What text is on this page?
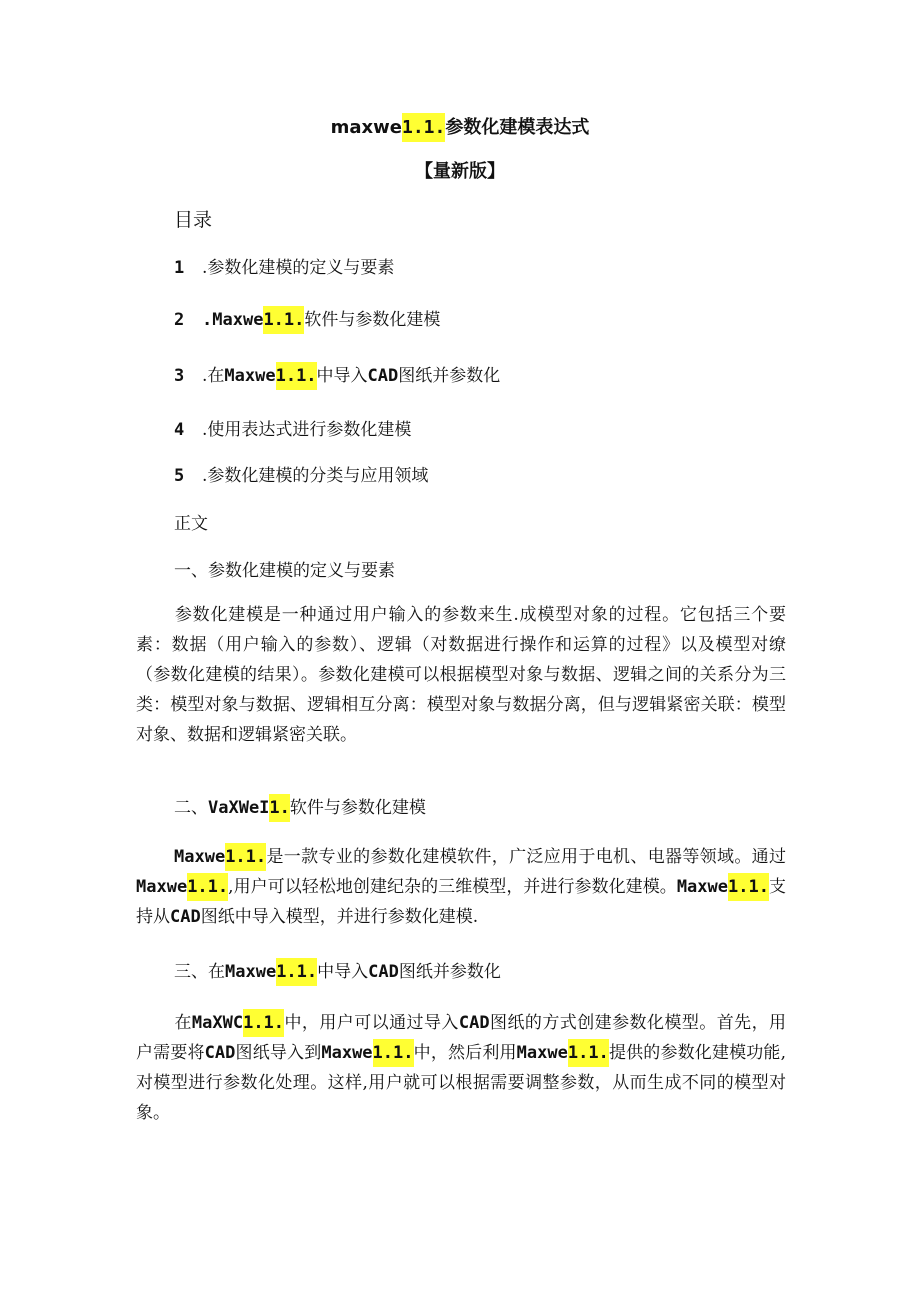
maxwe1.1.参数化建模表达式
【量新版】
目录
1 .参数化建模的定义与要素
2 .Maxwe1.1.软件与参数化建模
3 .在Maxwe1.1.中导入CAD图纸并参数化
4 .使用表达式进行参数化建模
5 .参数化建模的分类与应用领域
正文
一、参数化建模的定义与要素
参数化建模是一种通过用户输入的参数来生.成模型对象的过程。它包括三个要素：数据（用户输入的参数）、逻辑（对数据进行操作和运算的过程》以及模型对缭（参数化建模的结果）。参数化建模可以根据模型对象与数据、逻辑之间的关系分为三类：模型对象与数据、逻辑相互分离：模型对象与数据分离，但与逻辑紧密关联：模型对象、数据和逻辑紧密关联。
二、VaXWeI1.软件与参数化建模
Maxwe1.1.是一款专业的参数化建模软件，广泛应用于电机、电器等领域。通过Maxwe1.1.,用户可以轻松地创建纪杂的三维模型，并进行参数化建模。Maxwe1.1.支持从CAD图纸中导入模型，并进行参数化建模.
三、在Maxwe1.1.中导入CAD图纸并参数化
在MaXWC1.1.中，用户可以通过导入CAD图纸的方式创建参数化模型。首先，用户需要将CAD图纸导入到Maxwe1.1.中，然后利用Maxwe1.1.提供的参数化建模功能,对模型进行参数化处理。这样,用户就可以根据需要调整参数，从而生成不同的模型对象。
